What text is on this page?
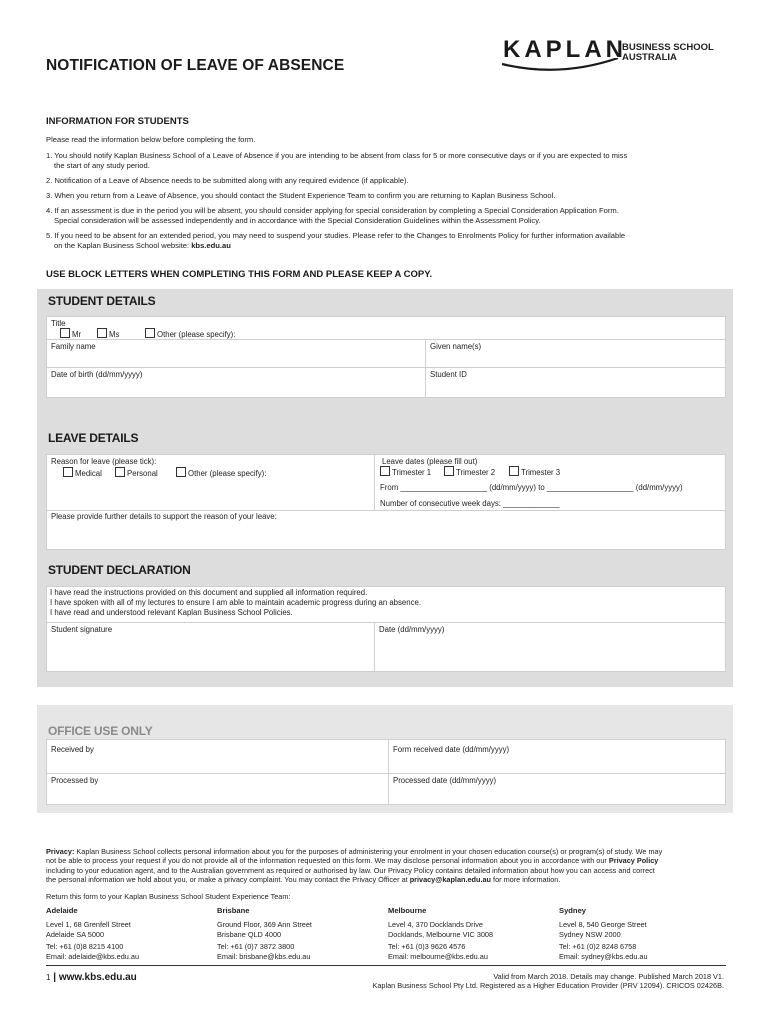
NOTIFICATION OF LEAVE OF ABSENCE
KAPLAN
BUSINESS SCHOOL
AUSTRALIA
INFORMATION FOR STUDENTS
Please read the information below before completing the form.
1. You should notify Kaplan Business School of a Leave of Absence if you are intending to be absent from class for 5 or more consecutive days or if you are expected to miss
the start of any study period.
2. Notification of a Leave of Absence needs to be submitted along with any required evidence (if applicable).
3. When you return from a Leave of Absence, you should contact the Student Experience Team to confirm you are returning to Kaplan Business School.
4. If an assessment is due in the period you will be absent, you should consider applying for special consideration by completing a Special Consideration Application Form.
Special consideration will be assessed independently and in accordance with the Special Consideration Guidelines within the Assessment Policy.
5. If you need to be absent for an extended period, you may need to suspend your studies. Please refer to the Changes to Enrolments Policy for further information available
on the Kaplan Business School website: kbs.edu.au
USE BLOCK LETTERS WHEN COMPLETING THIS FORM AND PLEASE KEEP A COPY.
STUDENT DETAILS
Title
Mr	Ms	Other (please specify):
Family name	Given name(s)
Date of birth (dd/mm/yyyy)	Student ID
LEAVE DETAILS
Reason for leave (please tick):
Medical	Personal	Other (please specify):
Leave dates (please fill out)
Trimester 1	Trimester 2	Trimester 3
From ____________________ (dd/mm/yyyy) to ____________________ (dd/mm/yyyy)
Number of consecutive week days: _____________
Please provide further details to support the reason of your leave:
STUDENT DECLARATION
I have read the instructions provided on this document and supplied all information required.
I have spoken with all of my lectures to ensure I am able to maintain academic progress during an absence.
I have read and understood relevant Kaplan Business School Policies.
Student signature	Date (dd/mm/yyyy)
OFFICE USE ONLY
Received by	Form received date (dd/mm/yyyy)
Processed by	Processed date (dd/mm/yyyy)
Privacy: Kaplan Business School collects personal information about you for the purposes of administering your enrolment in your chosen education course(s) or program(s) of study. We may
not be able to process your request if you do not provide all of the information requested on this form. We may disclose personal information about you in accordance with our Privacy Policy
including to your education agent, and to the Australian government as required or authorised by law. Our Privacy Policy contains detailed information about how you can access and correct
the personal information we hold about you, or make a privacy complaint. You may contact the Privacy Officer at privacy@kaplan.edu.au for more information.
Return this form to your Kaplan Business School Student Experience Team:
Adelaide
Level 1, 68 Grenfell Street
Adelaide SA 5000
Tel: +61 (0)8 8215 4100
Email: adelaide@kbs.edu.au
Brisbane
Ground Floor, 369 Ann Street
Brisbane QLD 4000
Tel: +61 (0)7 3872 3800
Email: brisbane@kbs.edu.au
Melbourne
Level 4, 370 Docklands Drive
Docklands, Melbourne VIC 3008
Tel: +61 (0)3 9626 4576
Email: melbourne@kbs.edu.au
Sydney
Level 8, 540 George Street
Sydney NSW 2000
Tel: +61 (0)2 8248 6758
Email: sydney@kbs.edu.au
1 | www.kbs.edu.au	Valid from March 2018. Details may change. Published March 2018 V1.
Kaplan Business School Pty Ltd. Registered as a Higher Education Provider (PRV 12094). CRICOS 02426B.
